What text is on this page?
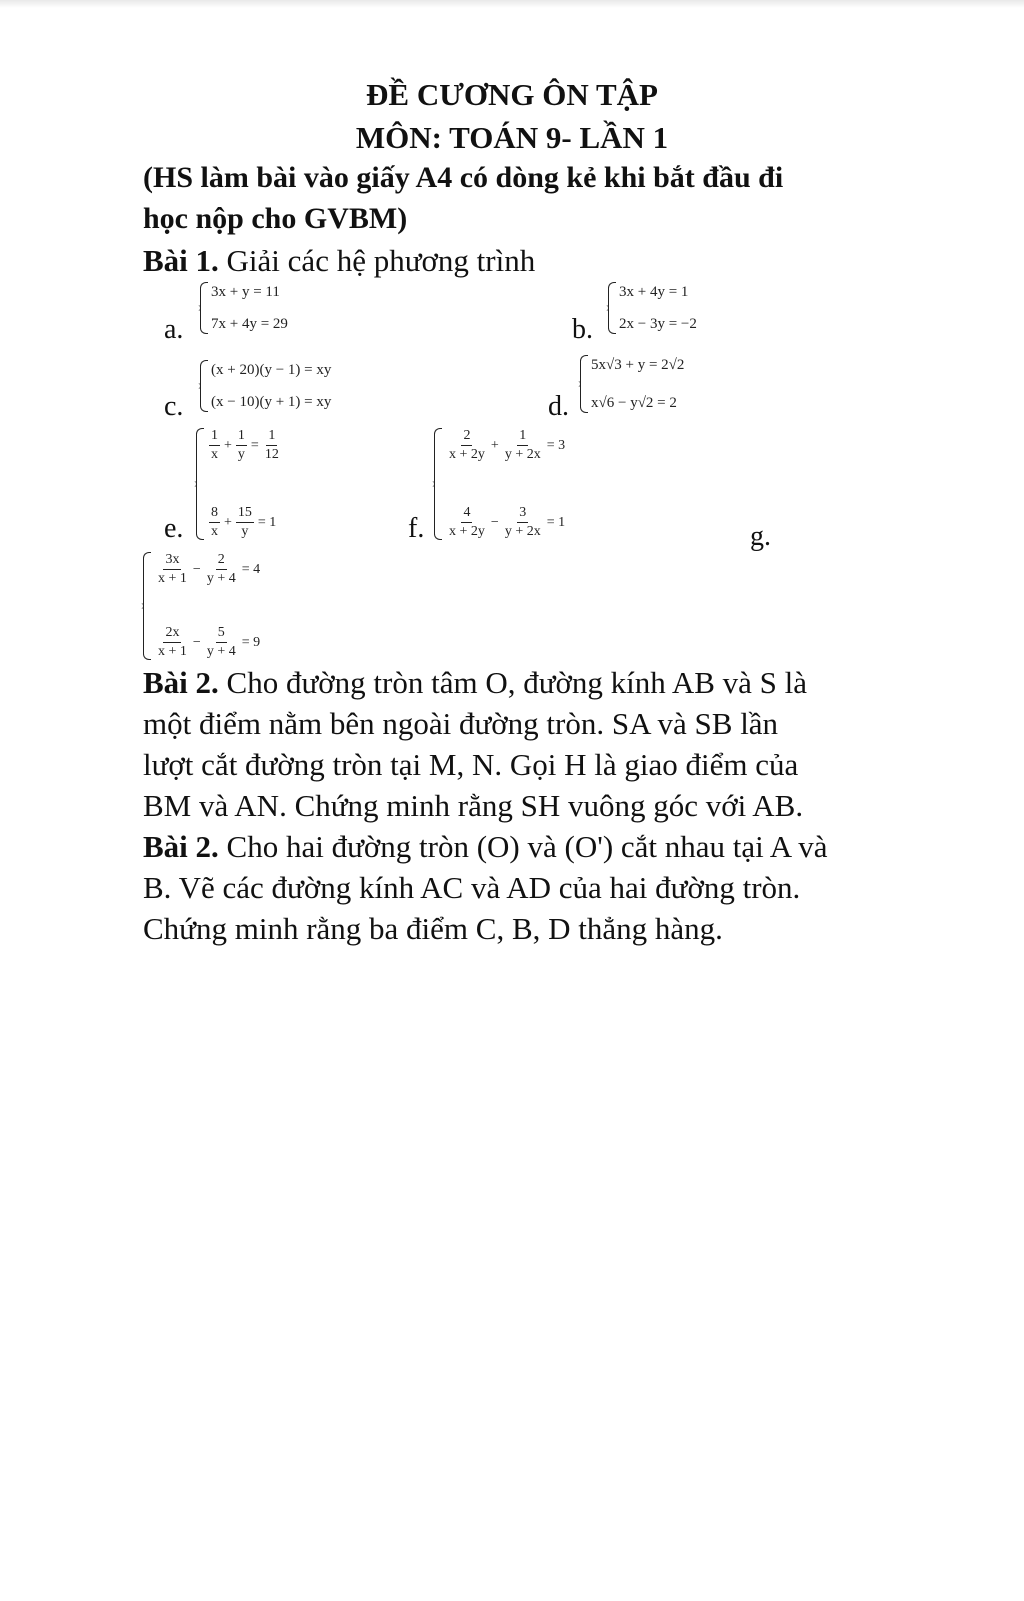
ĐỀ CƯƠNG ÔN TẬP
MÔN: TOÁN 9- LẦN 1
(HS làm bài vào giấy A4 có dòng kẻ khi bắt đầu đi
học nộp cho GVBM)
Bài 1. Giải các hệ phương trình
a.
3x + y = 11
7x + 4y = 29	b.
3x + 4y = 1
2x − 3y = −2
c.
(x + 20)(y − 1) = xy
(x − 10)(y + 1) = xy	d.
5x√3 + y = 2√2
x√6 − y√2 = 2
e.
$\frac{1}{x} + \frac{1}{y} = \frac{1}{12}$
$\frac{8}{x} + \frac{15}{y} = 1$	f.
$\frac{2}{x + 2y} + \frac{1}{y + 2x} = 3$
$\frac{4}{x + 2y} - \frac{3}{y + 2x} = 1$	g.
$\frac{3x}{x + 1} - \frac{2}{y + 4} = 4$
$\frac{2x}{x + 1} - \frac{5}{y + 4} = 9$
Bài 2. Cho đường tròn tâm O, đường kính AB và S là
một điểm nằm bên ngoài đường tròn. SA và SB lần
lượt cắt đường tròn tại M, N. Gọi H là giao điểm của
BM và AN. Chứng minh rằng SH vuông góc với AB.
Bài 2. Cho hai đường tròn (O) và (O') cắt nhau tại A và
B. Vẽ các đường kính AC và AD của hai đường tròn.
Chứng minh rằng ba điểm C, B, D thẳng hàng.
